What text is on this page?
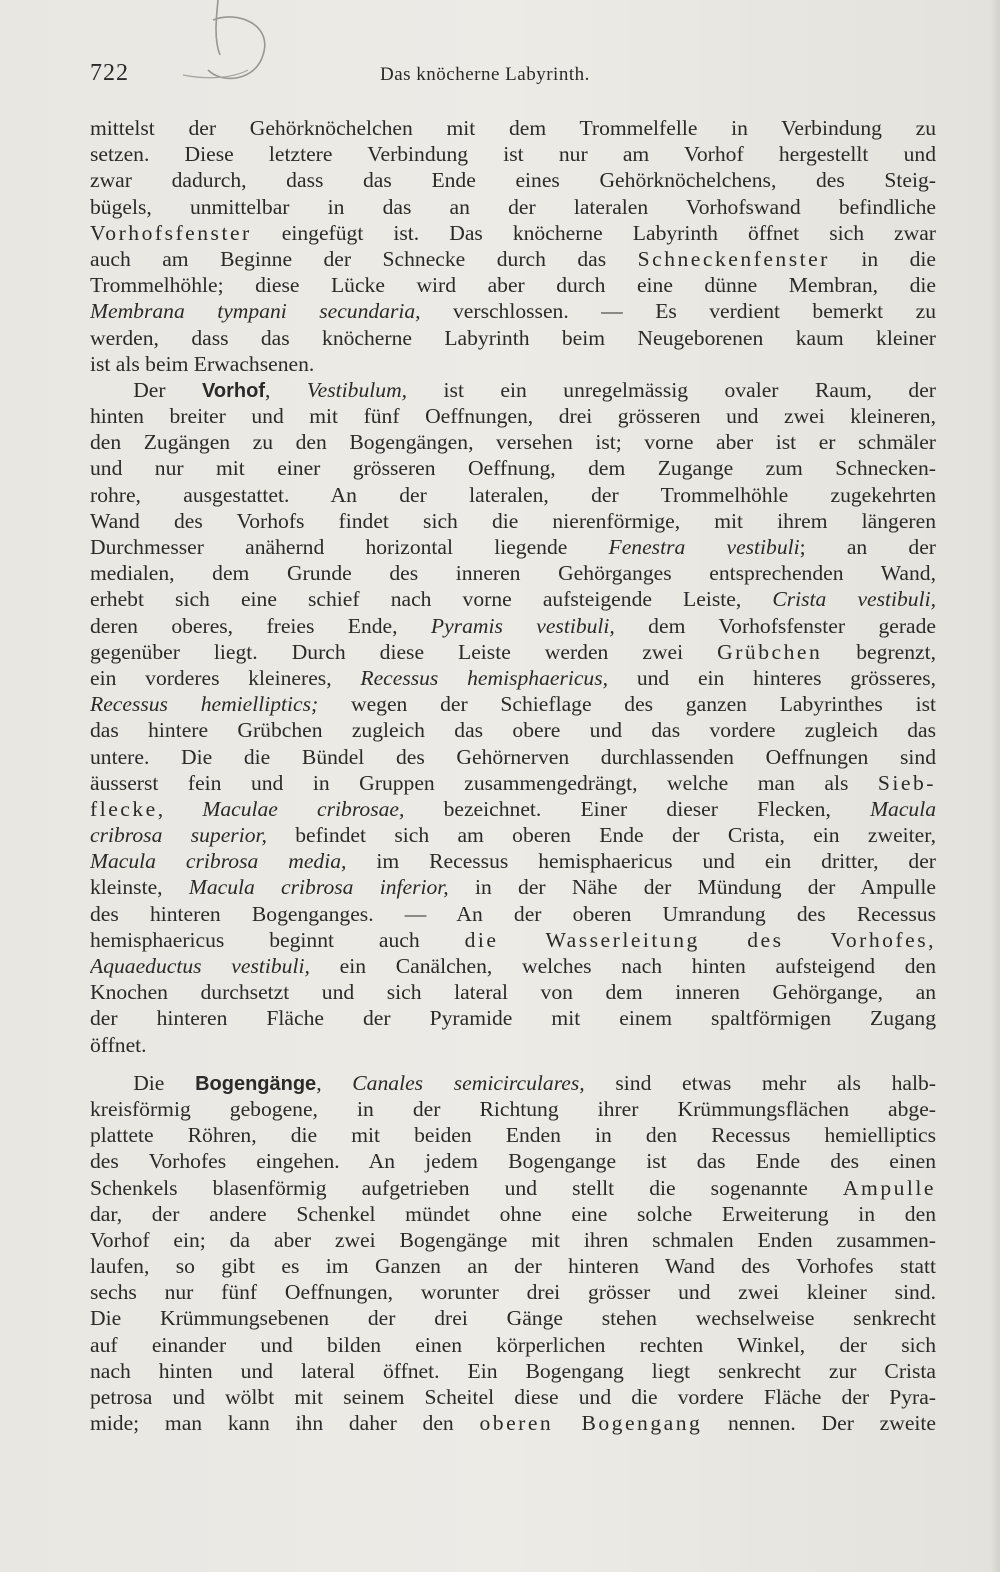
722	Das knöcherne Labyrinth.
mittelst der Gehörknöchelchen mit dem Trommelfelle in Verbindung zu
setzen. Diese letztere Verbindung ist nur am Vorhof hergestellt und
zwar dadurch, dass das Ende eines Gehörknöchelchens, des Steig-
bügels, unmittelbar in das an der lateralen Vorhofswand befindliche
Vorhofsfenster eingefügt ist. Das knöcherne Labyrinth öffnet sich zwar
auch am Beginne der Schnecke durch das Schneckenfenster in die
Trommelhöhle; diese Lücke wird aber durch eine dünne Membran, die
Membrana tympani secundaria, verschlossen. — Es verdient bemerkt zu
werden, dass das knöcherne Labyrinth beim Neugeborenen kaum kleiner
ist als beim Erwachsenen.
  Der Vorhof, Vestibulum, ist ein unregelmässig ovaler Raum, der
hinten breiter und mit fünf Oeffnungen, drei grösseren und zwei kleineren,
den Zugängen zu den Bogengängen, versehen ist; vorne aber ist er schmäler
und nur mit einer grösseren Oeffnung, dem Zugange zum Schnecken-
rohre, ausgestattet. An der lateralen, der Trommelhöhle zugekehrten
Wand des Vorhofs findet sich die nierenförmige, mit ihrem längeren
Durchmesser anähernd horizontal liegende Fenestra vestibuli; an der
medialen, dem Grunde des inneren Gehörganges entsprechenden Wand,
erhebt sich eine schief nach vorne aufsteigende Leiste, Crista vestibuli,
deren oberes, freies Ende, Pyramis vestibuli, dem Vorhofsfenster gerade
gegenüber liegt. Durch diese Leiste werden zwei Grübchen begrenzt,
ein vorderes kleineres, Recessus hemisphaericus, und ein hinteres grösseres,
Recessus hemielliptics; wegen der Schieflage des ganzen Labyrinthes ist
das hintere Grübchen zugleich das obere und das vordere zugleich das
untere. Die die Bündel des Gehörnerven durchlassenden Oeffnungen sind
äusserst fein und in Gruppen zusammengedrängt, welche man als Sieb-
flecke, Maculae cribrosae, bezeichnet. Einer dieser Flecken, Macula
cribrosa superior, befindet sich am oberen Ende der Crista, ein zweiter,
Macula cribrosa media, im Recessus hemisphaericus und ein dritter, der
kleinste, Macula cribrosa inferior, in der Nähe der Mündung der Ampulle
des hinteren Bogenganges. — An der oberen Umrandung des Recessus
hemisphaericus beginnt auch die Wasserleitung des Vorhofes,
Aquaeductus vestibuli, ein Canälchen, welches nach hinten aufsteigend den
Knochen durchsetzt und sich lateral von dem inneren Gehörgange, an
der hinteren Fläche der Pyramide mit einem spaltförmigen Zugang
öffnet.
  Die Bogengänge, Canales semicirculares, sind etwas mehr als halb-
kreisförmig gebogene, in der Richtung ihrer Krümmungsflächen abge-
plattete Röhren, die mit beiden Enden in den Recessus hemielliptics
des Vorhofes eingehen. An jedem Bogengange ist das Ende des einen
Schenkels blasenförmig aufgetrieben und stellt die sogenannte Ampulle
dar, der andere Schenkel mündet ohne eine solche Erweiterung in den
Vorhof ein; da aber zwei Bogengänge mit ihren schmalen Enden zusammen-
laufen, so gibt es im Ganzen an der hinteren Wand des Vorhofes statt
sechs nur fünf Oeffnungen, worunter drei grösser und zwei kleiner sind.
Die Krümmungsebenen der drei Gänge stehen wechselweise senkrecht
auf einander und bilden einen körperlichen rechten Winkel, der sich
nach hinten und lateral öffnet. Ein Bogengang liegt senkrecht zur Crista
petrosa und wölbt mit seinem Scheitel diese und die vordere Fläche der Pyra-
mide; man kann ihn daher den oberen Bogengang nennen. Der zweite
